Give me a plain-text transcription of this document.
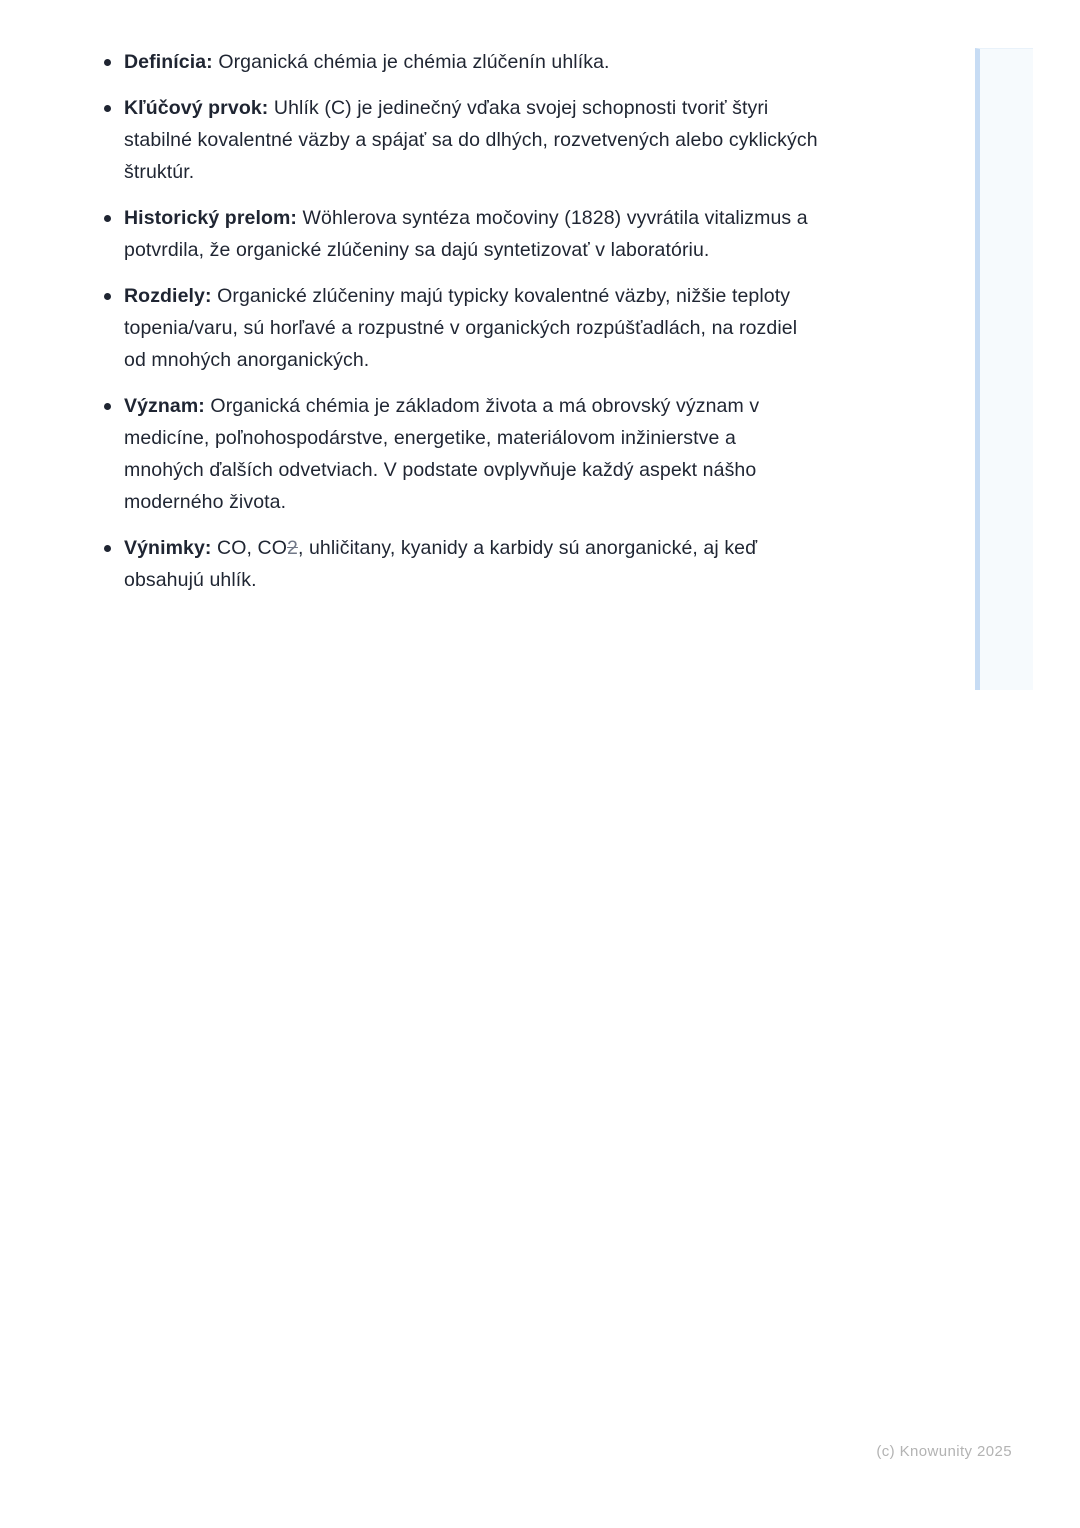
Definícia: Organická chémia je chémia zlúčenín uhlíka.
Kľúčový prvok: Uhlík (C) je jedinečný vďaka svojej schopnosti tvoriť štyri stabilné kovalentné väzby a spájať sa do dlhých, rozvetvených alebo cyklických štruktúr.
Historický prelom: Wöhlerova syntéza močoviny (1828) vyvrátila vitalizmus a potvrdila, že organické zlúčeniny sa dajú syntetizovať v laboratóriu.
Rozdiely: Organické zlúčeniny majú typicky kovalentné väzby, nižšie teploty topenia/varu, sú horľavé a rozpustné v organických rozpúšťadlách, na rozdiel od mnohých anorganických.
Význam: Organická chémia je základom života a má obrovský význam v medicíne, poľnohospodárstve, energetike, materiálovom inžinierstve a mnohých ďalších odvetviach. V podstate ovplyvňuje každý aspekt nášho moderného života.
Výnimky: CO, CO2, uhličitany, kyanidy a karbidy sú anorganické, aj keď obsahujú uhlík.
(c) Knowunity 2025
